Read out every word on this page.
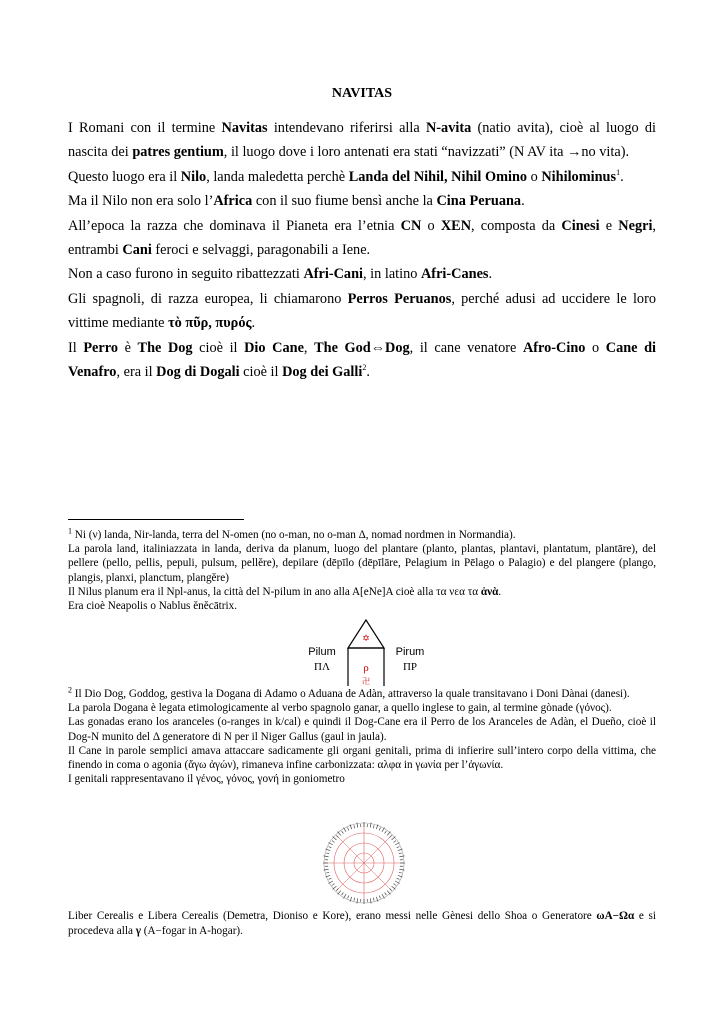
NAVITAS

I Romani con il termine Navitas intendevano riferirsi alla N-avita (natio avita), cioè al luogo di nascita dei patres gentium, il luogo dove i loro antenati era stati “navizzati” (N AV ita →no vita).

Questo luogo era il Nilo, landa maledetta perchè Landa del Nihil, Nihil Omino o Nihilominus$^1$.

Ma il Nilo non era solo l’Africa con il suo fiume bensì anche la Cina Peruana.

All’epoca la razza che dominava il Pianeta era l’etnia CN o XEN, composta da Cinesi e Negri, entrambi Cani feroci e selvaggi, paragonabili a Iene.

Non a caso furono in seguito ribattezzati Afri-Cani, in latino Afri-Canes.

Gli spagnoli, di razza europea, li chiamarono Perros Peruanos, perché adusi ad uccidere le loro vittime mediante τὸ πῦρ, πυρός.

Il Perro è The Dog cioè il Dio Cane, The God⇔Dog, il cane venatore Afro-Cino o Cane di Venafro, era il Dog di Dogali cioè il Dog dei Galli$^2$.

$^1$ Ni (ν) landa, Nir-landa, terra del N-omen (no o-man, no o-man Δ, nomad nordmen in Normandia).

La parola land, italiniazzata in landa, deriva da planum, luogo del plantare (planto, plantas, plantavi, plantatum, plantāre), del pellere (pello, pellis, pepuli, pulsum, pellĕre), depilare (dēpīlo (dēpīlāre, Pelagium in Pēlago o Palagio) e del plangere (plango, plangis, planxi, planctum, plangĕre)

Il Nilus planum era il Npl-anus, la città del N-pilum in ano alla A[eNe]A cioè alla τα νεα τα ἀνὰ.

Era cioè Neapolis o Nablus ĕnĕcātrix.

✡
Pilum
ΠΛ
Pirum
ΠΡ
ρ
卍

$^2$ Il Dio Dog, Goddog, gestiva la Dogana di Adamo o Aduana de Adàn, attraverso la quale transitavano i Doni Dànai (danesi).

La parola Dogana è legata etimologicamente al verbo spagnolo ganar, a quello inglese to gain, al termine gònade (γόνος).

Las gonadas erano los aranceles (o-ranges in k/cal) e quindi il Dog-Cane era il Perro de los Aranceles de Adàn, el Dueño, cioè il Dog-N munito del Δ generatore di N per il Niger Gallus (gaul in jaula).

Il Cane in parole semplici amava attaccare sadicamente gli organi genitali, prima di infierire sull’intero corpo della vittima, che finendo in coma o agonia (ἄγω ἀγών), rimaneva infine carbonizzata: αλφα in γωνία per l’ἀγωνία.

I genitali rappresentavano il γένος, γόνος, γονή in goniometro

Liber Cerealis e Libera Cerealis (Demetra, Dioniso e Kore), erano messi nelle Gènesi dello Shoa o Generatore ωΑ−Ωα e si procedeva alla γ (A−fogar in A-hogar).
